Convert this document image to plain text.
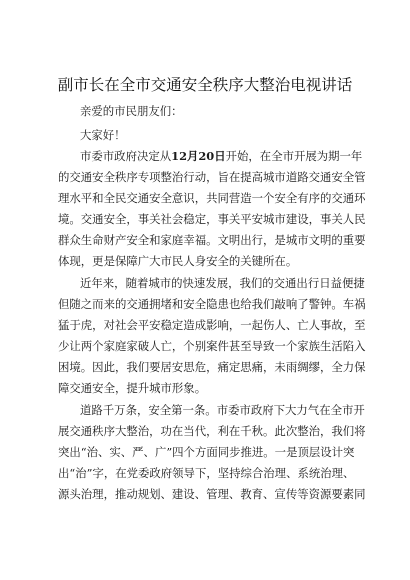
副市长在全市交通安全秩序大整治电视讲话
亲爱的市民朋友们：
大家好！
市委市政府决定从12月20日开始，在全市开展为期一年
的交通安全秩序专项整治行动，旨在提高城市道路交通安全管
理水平和全民交通安全意识，共同营造一个安全有序的交通环
境。交通安全，事关社会稳定，事关平安城市建设，事关人民
群众生命财产安全和家庭幸福。文明出行，是城市文明的重要
体现，更是保障广大市民人身安全的关键所在。
近年来，随着城市的快速发展，我们的交通出行日益便捷
但随之而来的交通拥堵和安全隐患也给我们敲响了警钟。车祸
猛于虎，对社会平安稳定造成影响，一起伤人、亡人事故，至
少让两个家庭家破人亡，个别案件甚至导致一个家族生活陷入
困境。因此，我们要居安思危，痛定思痛，未雨绸缪，全力保
障交通安全，提升城市形象。
道路千万条，安全第一条。市委市政府下大力气在全市开
展交通秩序大整治，功在当代，利在千秋。此次整治，我们将
突出“治、实、严、广”四个方面同步推进。一是顶层设计突
出“治”字，在党委政府领导下，坚持综合治理、系统治理、
源头治理，推动规划、建设、管理、教育、宣传等资源要素同
